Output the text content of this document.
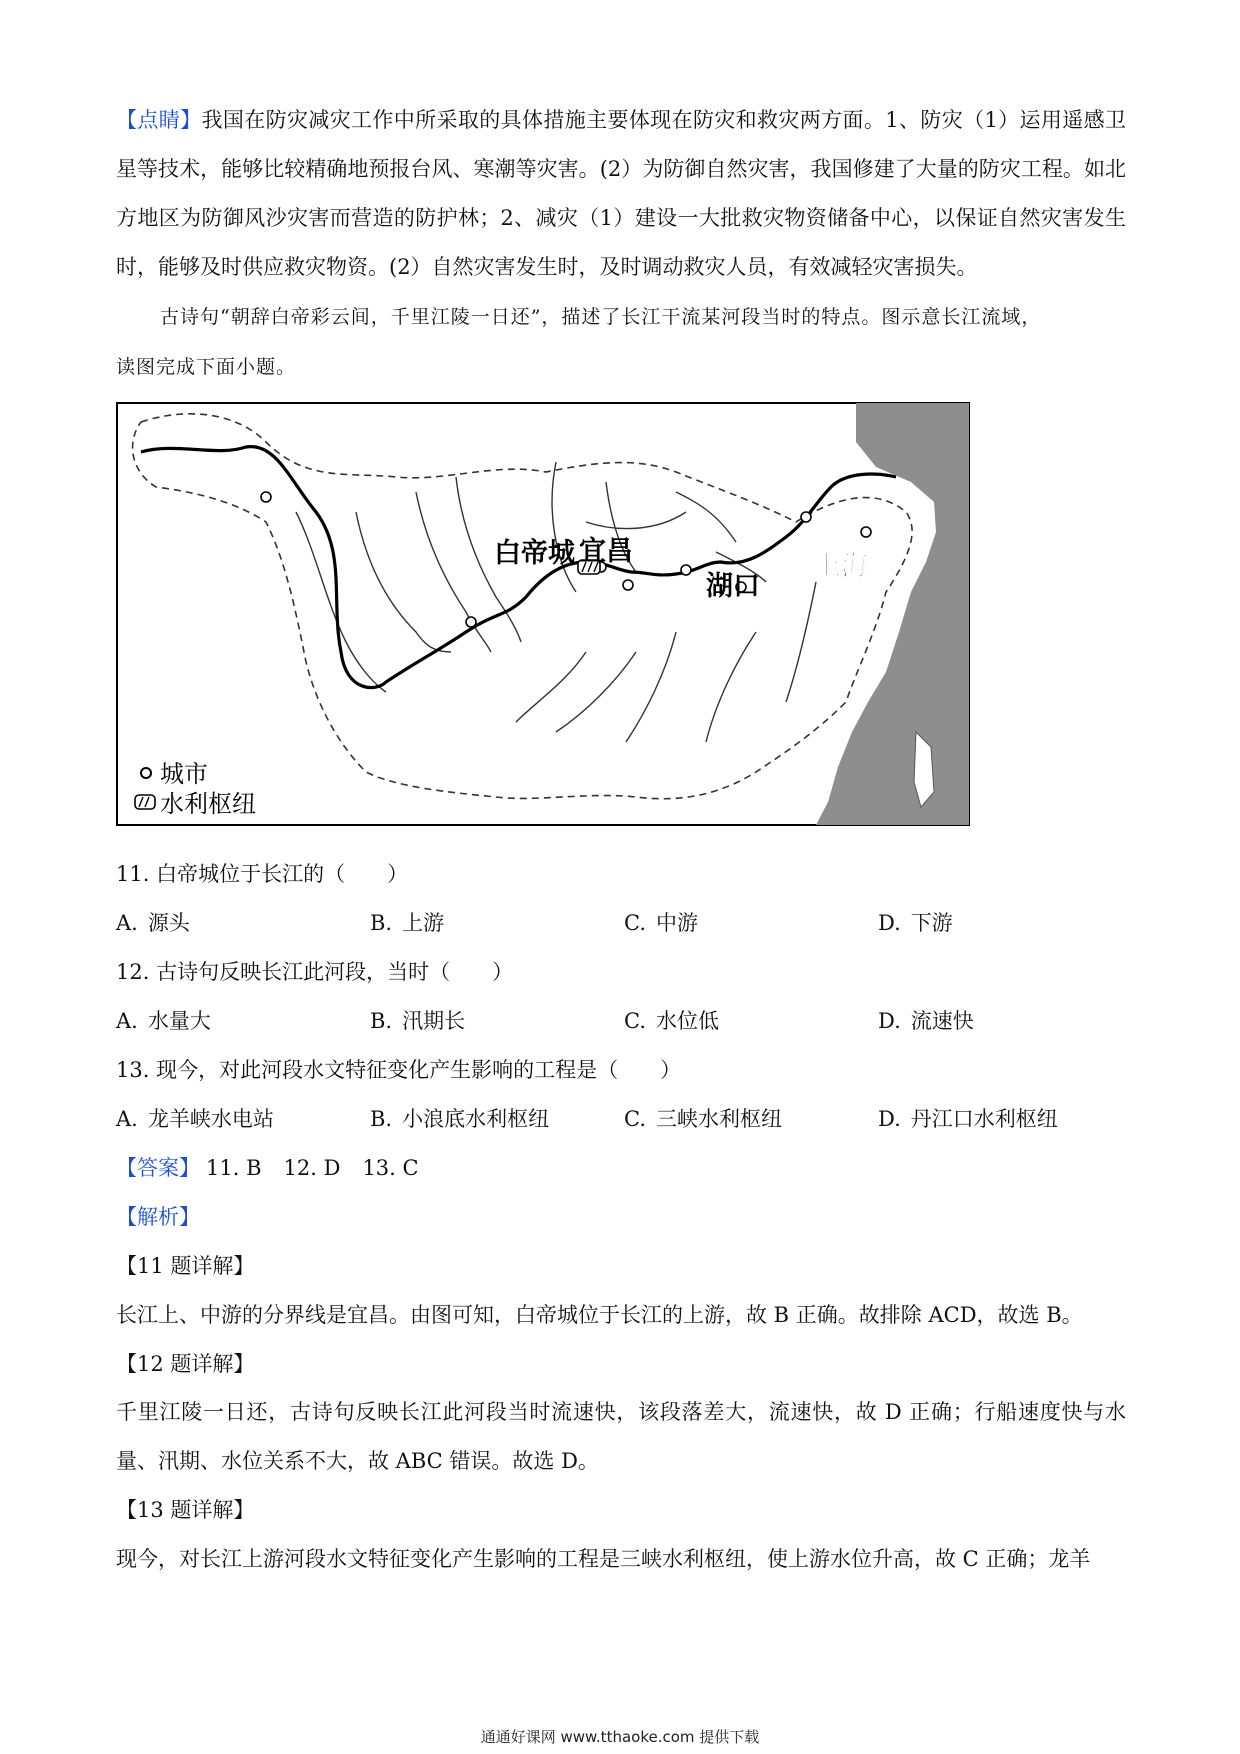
【点睛】我国在防灾减灾工作中所采取的具体措施主要体现在防灾和救灾两方面。1、防灾（1）运用遥感卫星等技术，能够比较精确地预报台风、寒潮等灾害。(2）为防御自然灾害，我国修建了大量的防灾工程。如北方地区为防御风沙灾害而营造的防护林；2、减灾（1）建设一大批救灾物资储备中心，以保证自然灾害发生时，能够及时供应救灾物资。(2）自然灾害发生时，及时调动救灾人员，有效减轻灾害损失。
古诗句“朝辞白帝彩云间，千里江陵一日还”，描述了长江干流某河段当时的特点。图示意长江流域，
读图完成下面小题。
白帝城 宜昌
湖口
上海
城市
水利枢纽
11. 白帝城位于长江的（　　）
A. 源头	B. 上游	C. 中游	D. 下游
12. 古诗句反映长江此河段，当时（　　）
A. 水量大	B. 汛期长	C. 水位低	D. 流速快
13. 现今，对此河段水文特征变化产生影响的工程是（　　）
A. 龙羊峡水电站	B. 小浪底水利枢纽	C. 三峡水利枢纽	D. 丹江口水利枢纽
【答案】 11. B 12. D 13. C
【解析】
【11 题详解】
长江上、中游的分界线是宜昌。由图可知，白帝城位于长江的上游，故 B 正确。故排除 ACD，故选 B。
【12 题详解】
千里江陵一日还，古诗句反映长江此河段当时流速快，该段落差大，流速快，故 D 正确；行船速度快与水量、汛期、水位关系不大，故 ABC 错误。故选 D。
【13 题详解】
现今，对长江上游河段水文特征变化产生影响的工程是三峡水利枢纽，使上游水位升高，故 C 正确；龙羊
通通好课网 www.tthaoke.com 提供下载
